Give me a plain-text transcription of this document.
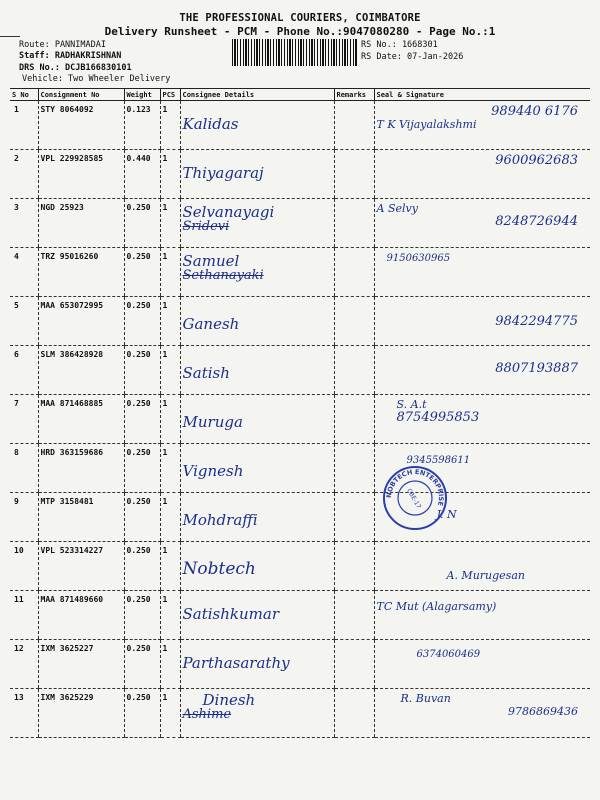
THE PROFESSIONAL COURIERS, COIMBATORE
Delivery Runsheet - PCM - Phone No.:9047080280 - Page No.:1
Route: PANNIMADAI
Staff: RADHAKRISHNAN
DRS No.: DCJB166830101
Vehicle: Two Wheeler Delivery
RS No.: 1668301
RS Date: 07-Jan-2026
S No	Consignment No	Weight	PCS	Consignee Details	Remarks	Seal & Signature
1	STY 8064092	0.123	1	Kalidas		989440 6176
T K Vijayalakshmi

2	VPL 229928585	0.440	1	Thiyagaraj		9600962683

3	NGD 25923	0.250	1	Selvanayagi
Sridevi		A Selvy
8248726944

4	TRZ 95016260	0.250	1	Samuel
Sethanayaki		9150630965

5	MAA 653072995	0.250	1	Ganesh		9842294775

6	SLM 386428928	0.250	1	Satish		8807193887

7	MAA 871468885	0.250	1	Muruga		S. A.t
8754995853

8	HRD 363159686	0.250	1	Vignesh		9345598611

9	MTP 3158481	0.250	1	Mohdraffi		J. N

10	VPL 523314227	0.250	1	Nobtech		A. Murugesan

11	MAA 871489660	0.250	1	Satishkumar		TC Mut (Alagarsamy)

12	IXM 3625227	0.250	1	Parthasarathy		6374060469

13	IXM 3625229	0.250	1	Dinesh
Ashime		R. Buvan
9786869436
NOBTECH ENTERPRISE
CBE-17
